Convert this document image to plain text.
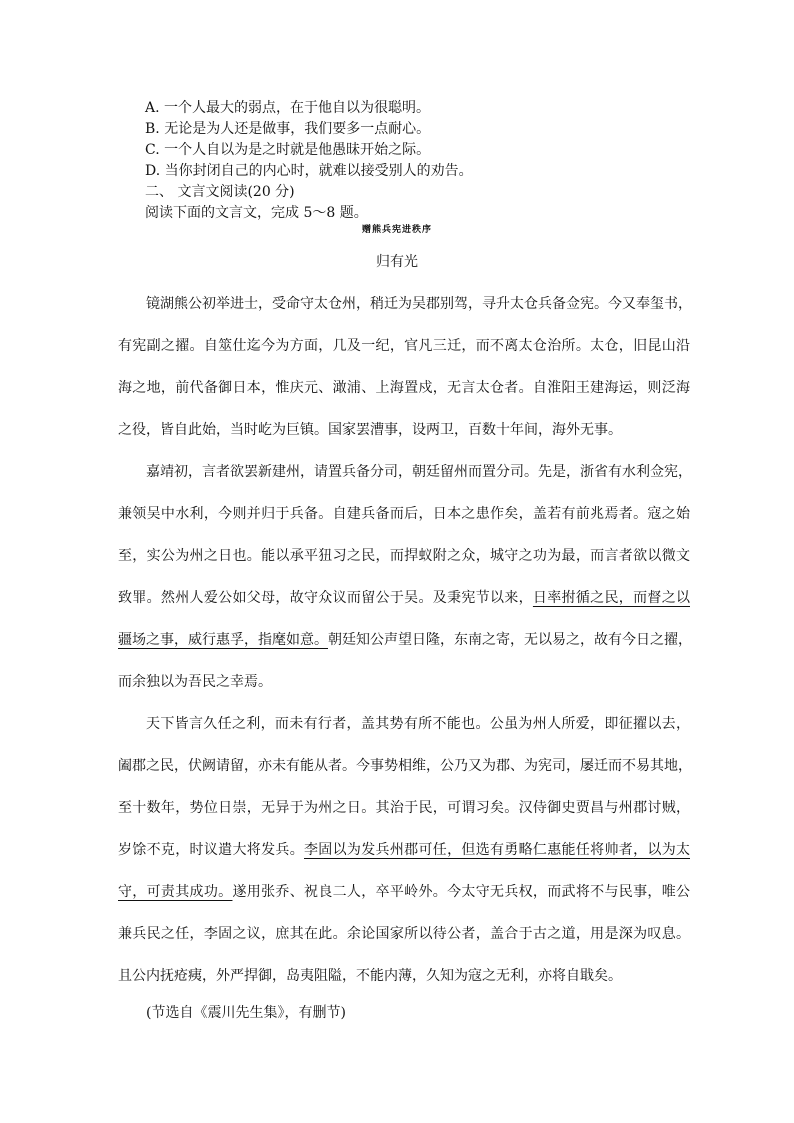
A. 一个人最大的弱点，在于他自以为很聪明。
B. 无论是为人还是做事，我们要多一点耐心。
C. 一个人自以为是之时就是他愚昧开始之际。
D. 当你封闭自己的内心时，就难以接受别人的劝告。
二、 文言文阅读(20 分)
阅读下面的文言文，完成 5～8 题。
赠熊兵宪进秩序
归有光
镜湖熊公初举进士，受命守太仓州，稍迁为吴郡别驾，寻升太仓兵备佥宪。今又奉玺书，
有宪副之擢。自筮仕迄今为方面，几及一纪，官凡三迁，而不离太仓治所。太仓，旧昆山沿
海之地，前代备御日本，惟庆元、澉浦、上海置戍，无言太仓者。自淮阳王建海运，则泛海
之役，皆自此始，当时屹为巨镇。国家罢漕事，设两卫，百数十年间，海外无事。
嘉靖初，言者欲罢新建州，请置兵备分司，朝廷留州而置分司。先是，浙省有水利佥宪，
兼领吴中水利，今则并归于兵备。自建兵备而后，日本之患作矣，盖若有前兆焉者。寇之始
至，实公为州之日也。能以承平狃习之民，而捍蚁附之众，城守之功为最，而言者欲以微文
致罪。然州人爱公如父母，故守众议而留公于吴。及秉宪节以来，日率拊循之民，而督之以
疆场之事，威行惠孚，指麾如意。朝廷知公声望日隆，东南之寄，无以易之，故有今日之擢，
而余独以为吾民之幸焉。
天下皆言久任之利，而未有行者，盖其势有所不能也。公虽为州人所爱，即征擢以去，
阖郡之民，伏阙请留，亦未有能从者。今事势相维，公乃又为郡、为宪司，屡迁而不易其地，
至十数年，势位日崇，无异于为州之日。其治于民，可谓习矣。汉侍御史贾昌与州郡讨贼，
岁馀不克，时议遣大将发兵。李固以为发兵州郡可任，但选有勇略仁惠能任将帅者，以为太
守，可责其成功。遂用张乔、祝良二人，卒平岭外。今太守无兵权，而武将不与民事，唯公
兼兵民之任，李固之议，庶其在此。余论国家所以待公者，盖合于古之道，用是深为叹息。
且公内抚疮痍，外严捍御，岛夷阻隘，不能内薄，久知为寇之无利，亦将自戢矣。
(节选自《震川先生集》，有删节)
